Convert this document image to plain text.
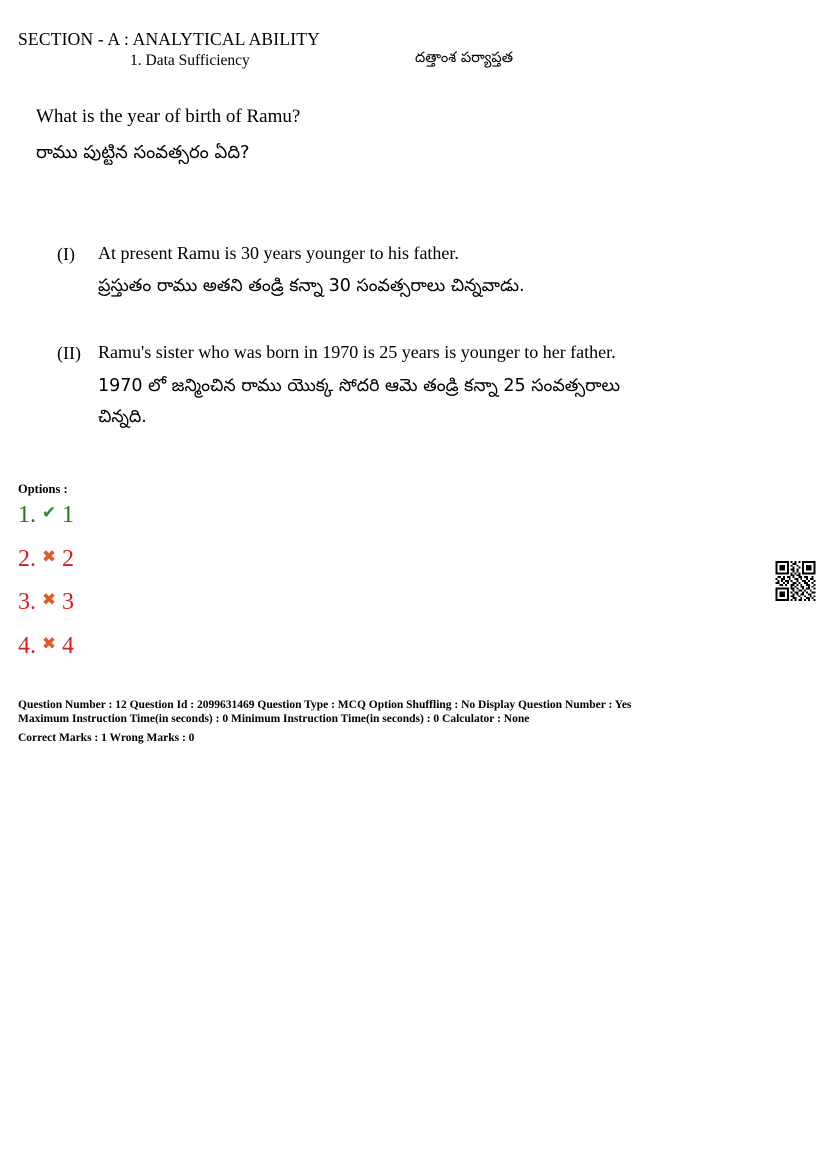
SECTION - A : ANALYTICAL ABILITY
1. Data Sufficiency	దత్తాంశ పర్యాప్తత
What is the year of birth of Ramu?
రాము పుట్టిన సంవత్సరం ఏది?
(I) At present Ramu is 30 years younger to his father.
ప్రస్తుతం రాము అతని తండ్రి కన్నా 30 సంవత్సరాలు చిన్నవాడు.
(II) Ramu's sister who was born in 1970 is 25 years is younger to her father.
1970 లో జన్మించిన రాము యొక్క సోదరి ఆమె తండ్రి కన్నా 25 సంవత్సరాలు
చిన్నది.
Options :
1. ✔ 1
2. ✖ 2
3. ✖ 3
4. ✖ 4
Question Number : 12 Question Id : 2099631469 Question Type : MCQ Option Shuffling : No Display Question Number : Yes
Maximum Instruction Time(in seconds) : 0 Minimum Instruction Time(in seconds) : 0 Calculator : None
Correct Marks : 1 Wrong Marks : 0
